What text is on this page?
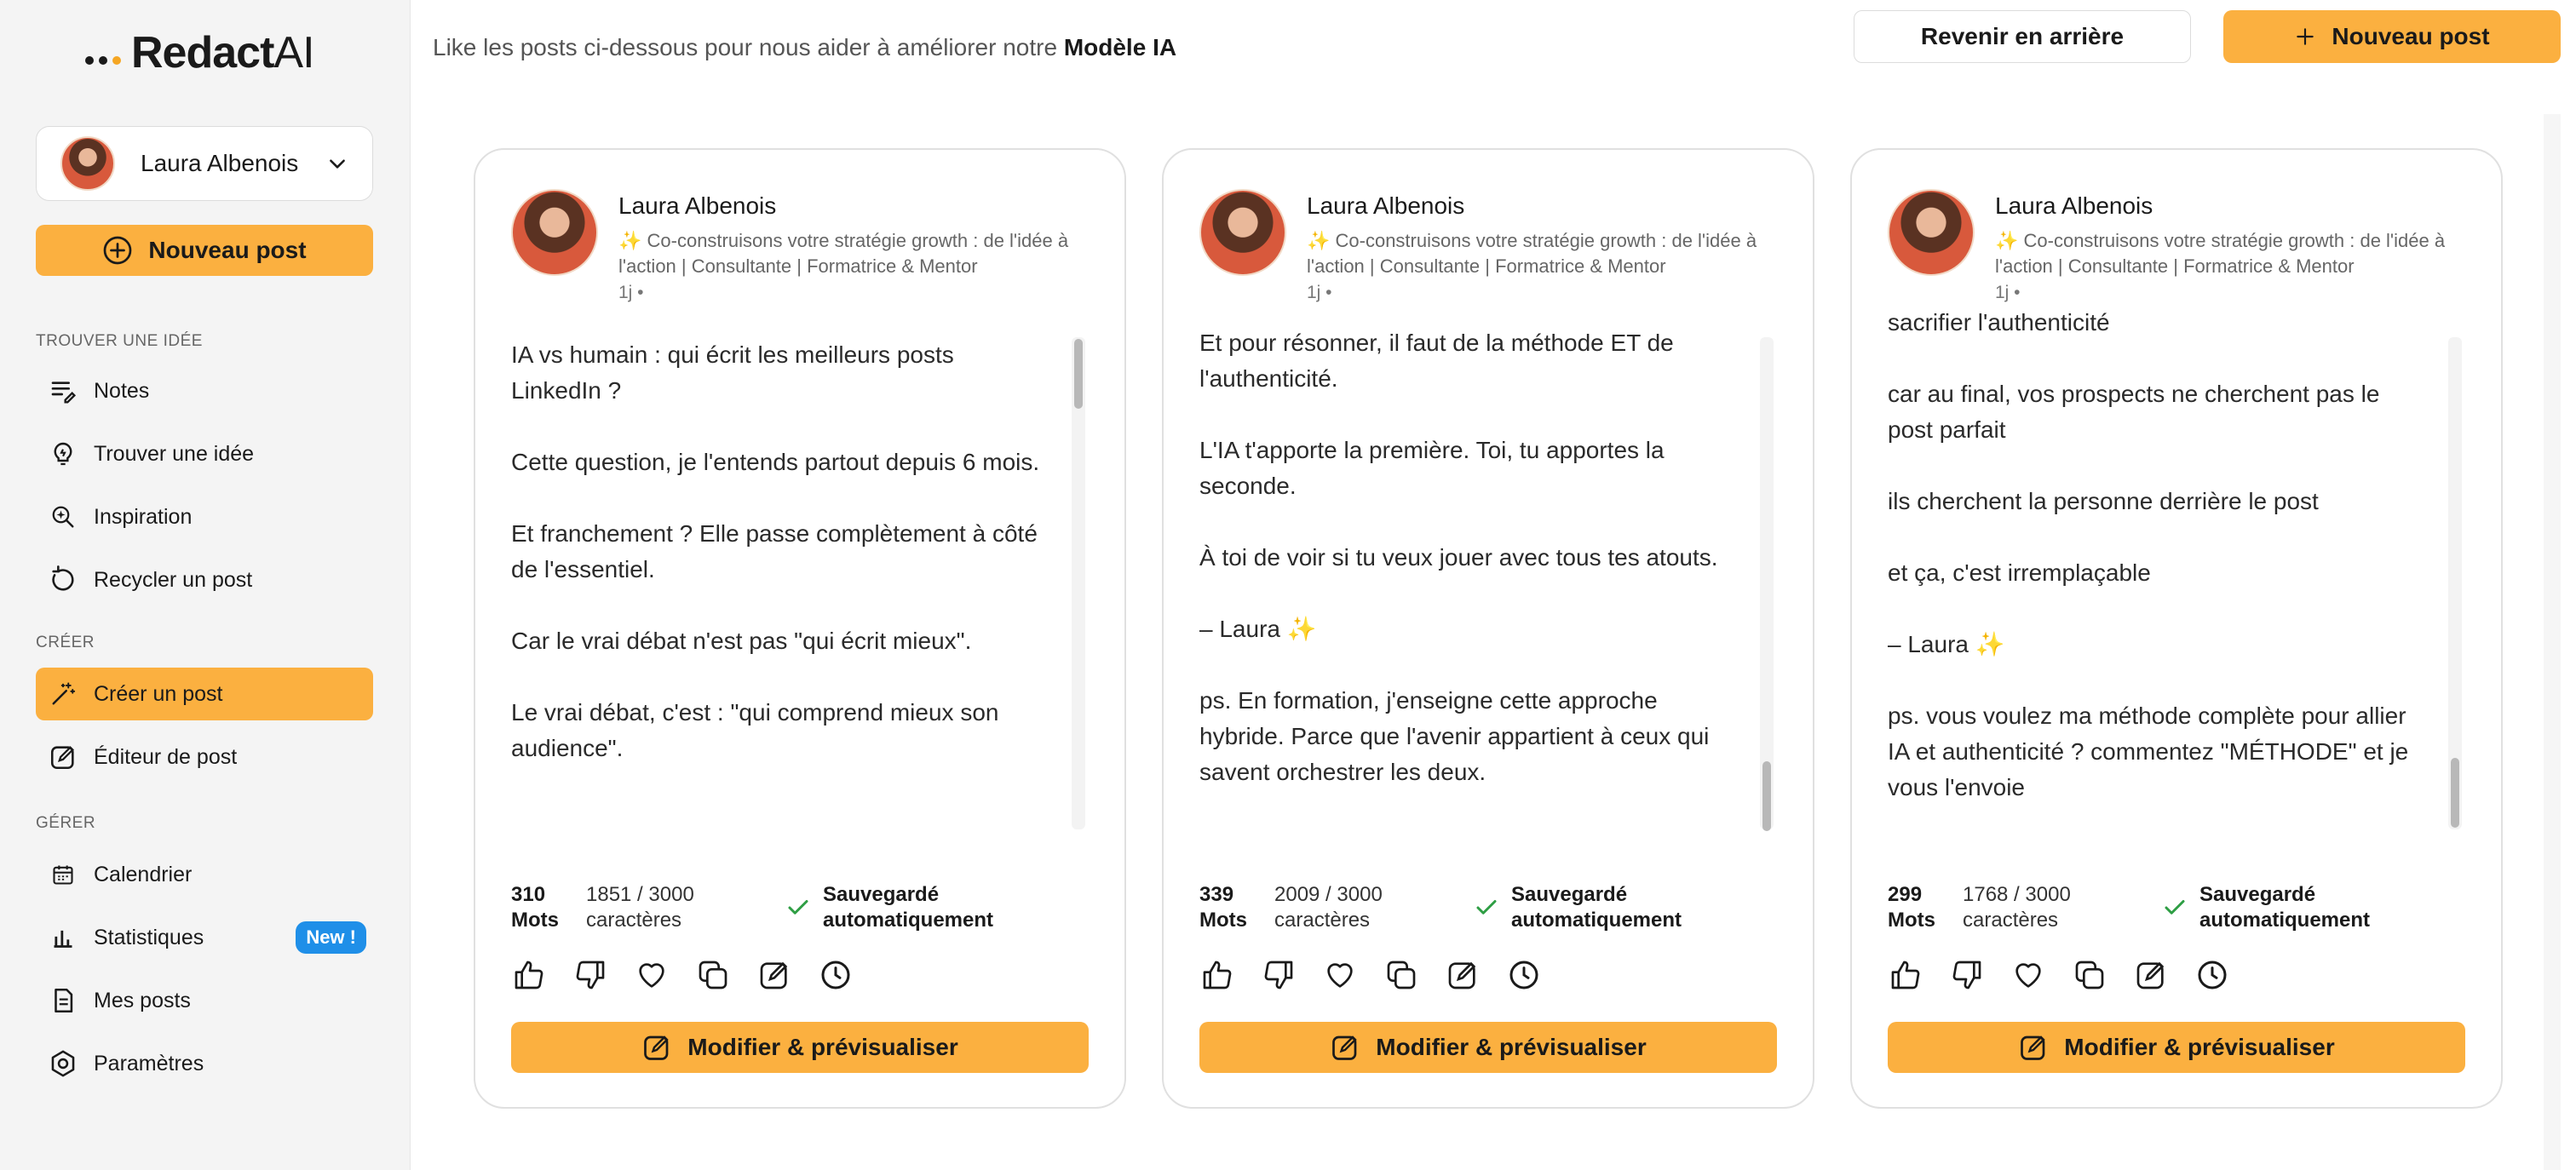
RedactAI
Laura Albenois
Nouveau post
TROUVER UNE IDÉE
Notes
Trouver une idée
Inspiration
Recycler un post
CRÉER
Créer un post
Éditeur de post
GÉRER
Calendrier
Statistiques	New !
Mes posts
Paramètres
Like les posts ci-dessous pour nous aider à améliorer notre Modèle IA	Revenir en arrière	Nouveau post
Laura Albenois
✨ Co-construisons votre stratégie growth : de l'idée à l'action | Consultante | Formatrice & Mentor
1j •

IA vs humain : qui écrit les meilleurs posts LinkedIn ?

Cette question, je l'entends partout depuis 6 mois.

Et franchement ? Elle passe complètement à côté de l'essentiel.

Car le vrai débat n'est pas "qui écrit mieux".

Le vrai débat, c'est : "qui comprend mieux son audience".

310
Mots
1851 / 3000
caractères
Sauvegardé
automatiquement
Modifier & prévisualiser
Laura Albenois
✨ Co-construisons votre stratégie growth : de l'idée à l'action | Consultante | Formatrice & Mentor
1j •

Et pour résonner, il faut de la méthode ET de l'authenticité.

L'IA t'apporte la première. Toi, tu apportes la seconde.

À toi de voir si tu veux jouer avec tous tes atouts.

– Laura ✨

ps. En formation, j'enseigne cette approche hybride. Parce que l'avenir appartient à ceux qui savent orchestrer les deux.

339
Mots
2009 / 3000
caractères
Sauvegardé
automatiquement
Modifier & prévisualiser
Laura Albenois
✨ Co-construisons votre stratégie growth : de l'idée à l'action | Consultante | Formatrice & Mentor
1j •

sacrifier l'authenticité

car au final, vos prospects ne cherchent pas le post parfait

ils cherchent la personne derrière le post

et ça, c'est irremplaçable

– Laura ✨

ps. vous voulez ma méthode complète pour allier IA et authenticité ? commentez "MÉTHODE" et je vous l'envoie

299
Mots
1768 / 3000
caractères
Sauvegardé
automatiquement
Modifier & prévisualiser
